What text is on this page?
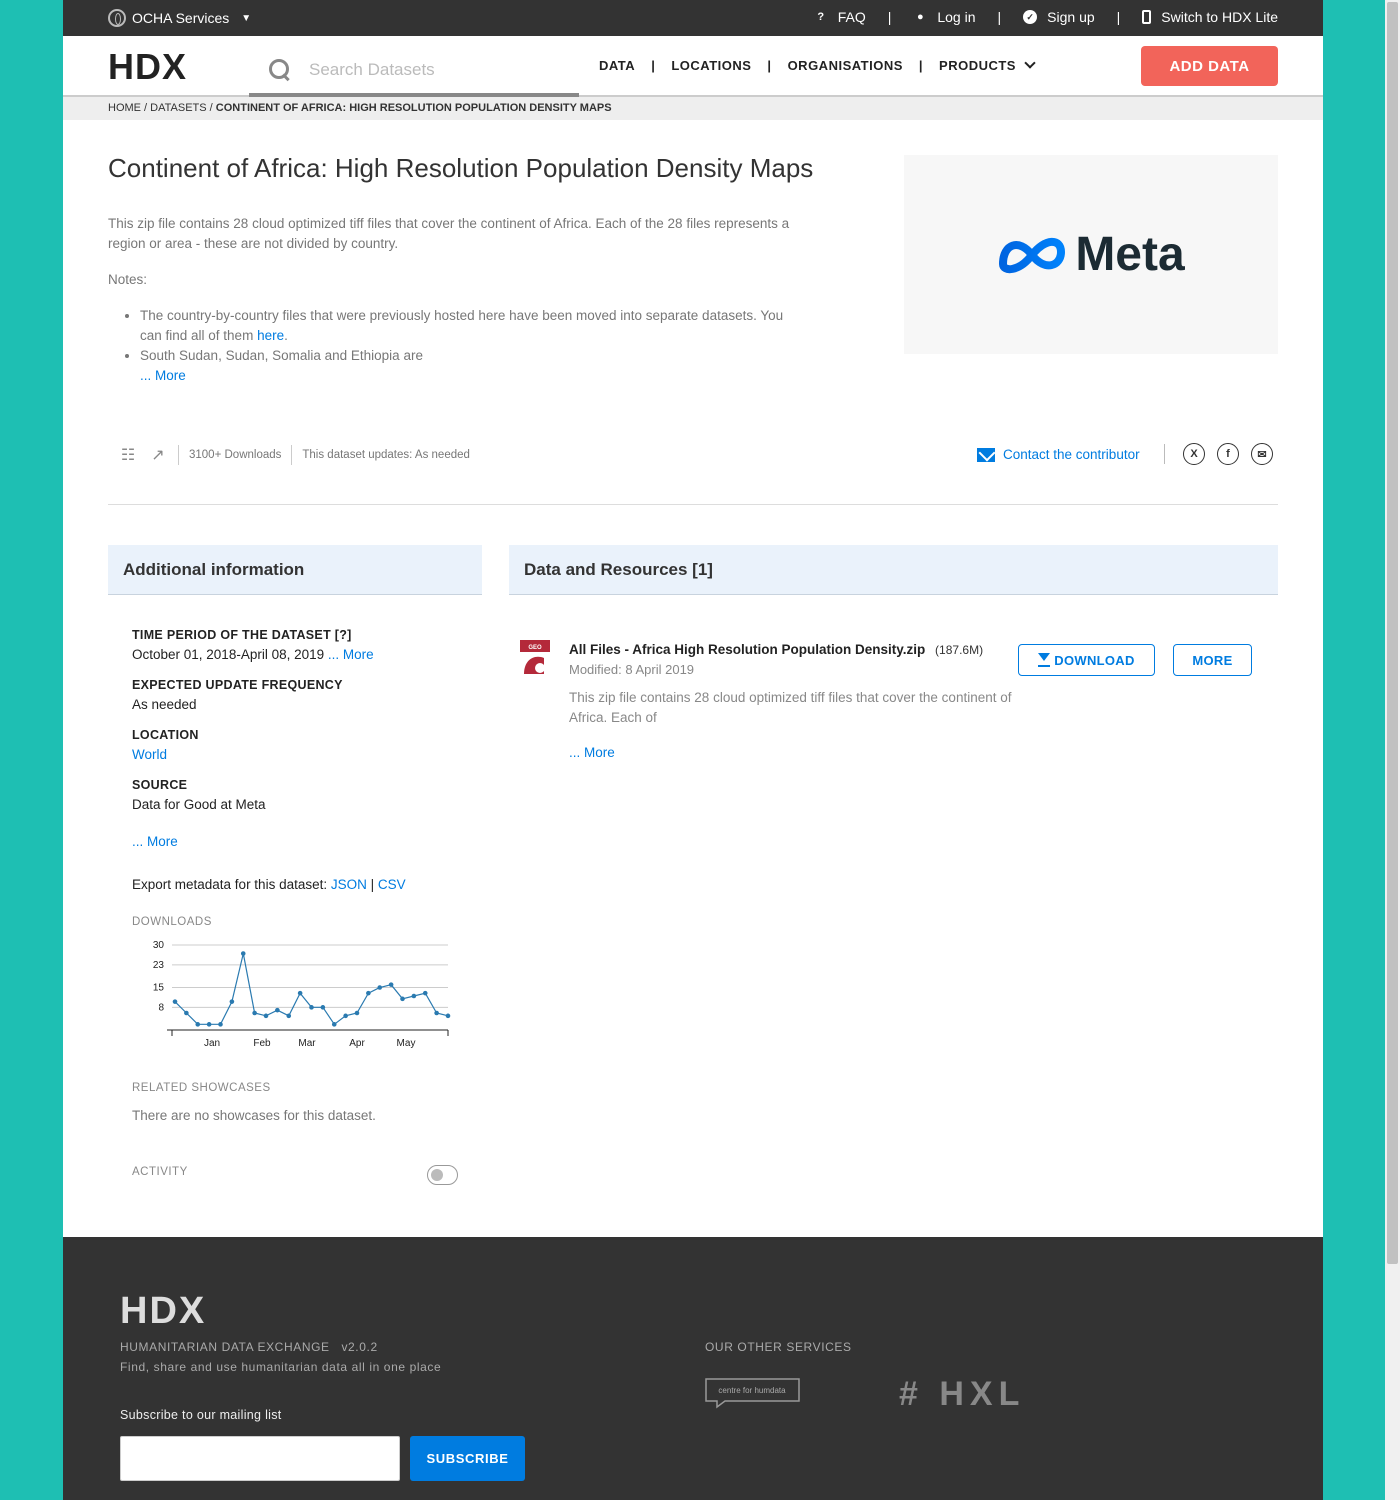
OCHA Services ▼	? FAQ |	● Log in |	✓ Sign up |	Switch to HDX Lite
HDX
Search Datasets	DATA | LOCATIONS | ORGANISATIONS | PRODUCTS	ADD DATA
HOME / DATASETS / CONTINENT OF AFRICA: HIGH RESOLUTION POPULATION DENSITY MAPS
Continent of Africa: High Resolution Population Density Maps

This zip file contains 28 cloud optimized tiff files that cover the continent of Africa. Each of the 28 files represents a region or area - these are not divided by country.

Notes:

• The country-by-country files that were previously hosted here have been moved into separate datasets. You can find all of them here.
• South Sudan, Sudan, Somalia and Ethiopia are
... More
Meta
☷ ↗ 3100+ Downloads This dataset updates: As needed	Contact the contributor	X	f	✉
Additional information
TIME PERIOD OF THE DATASET [?]
October 01, 2018-April 08, 2019 ... More
EXPECTED UPDATE FREQUENCY
As needed
LOCATION
World
SOURCE
Data for Good at Meta
... More
Export metadata for this dataset: JSON | CSV
DOWNLOADS
30
23
15
8
Jan	Feb	Mar	Apr	May
RELATED SHOWCASES
There are no showcases for this dataset.
ACTIVITY
Data and Resources [1]
GEO All Files - Africa High Resolution Population Density.zip (187.6M)
Modified: 8 April 2019
This zip file contains 28 cloud optimized tiff files that cover the continent of Africa. Each of
... More
DOWNLOAD	MORE
HDX
HUMANITARIAN DATA EXCHANGE v2.0.2
Find, share and use humanitarian data all in one place
Subscribe to our mailing list
SUBSCRIBE
OUR OTHER SERVICES
centre for humdata	# HXL
